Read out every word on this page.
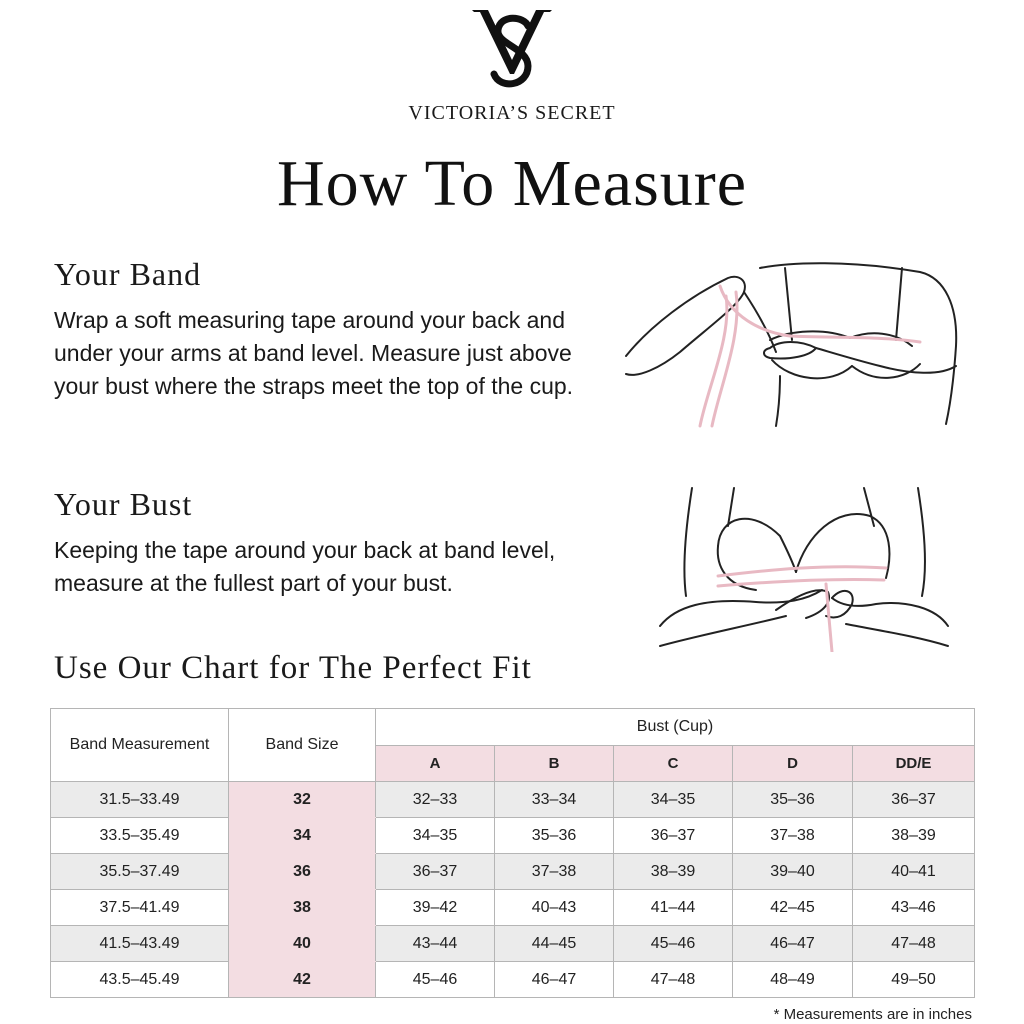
VICTORIA’S SECRET
How To Measure
Your Band
Wrap a soft measuring tape around your back and under your arms at band level. Measure just above your bust where the straps meet the top of the cup.
Your Bust
Keeping the tape around your back at band level, measure at the fullest part of your bust.
Use Our Chart for The Perfect Fit
Band Measurement	Band Size	Bust (Cup)				
		A	B	C	D	DD/E
31.5–33.49	32	32–33	33–34	34–35	35–36	36–37
33.5–35.49	34	34–35	35–36	36–37	37–38	38–39
35.5–37.49	36	36–37	37–38	38–39	39–40	40–41
37.5–41.49	38	39–42	40–43	41–44	42–45	43–46
41.5–43.49	40	43–44	44–45	45–46	46–47	47–48
43.5–45.49	42	45–46	46–47	47–48	48–49	49–50
* Measurements are in inches
